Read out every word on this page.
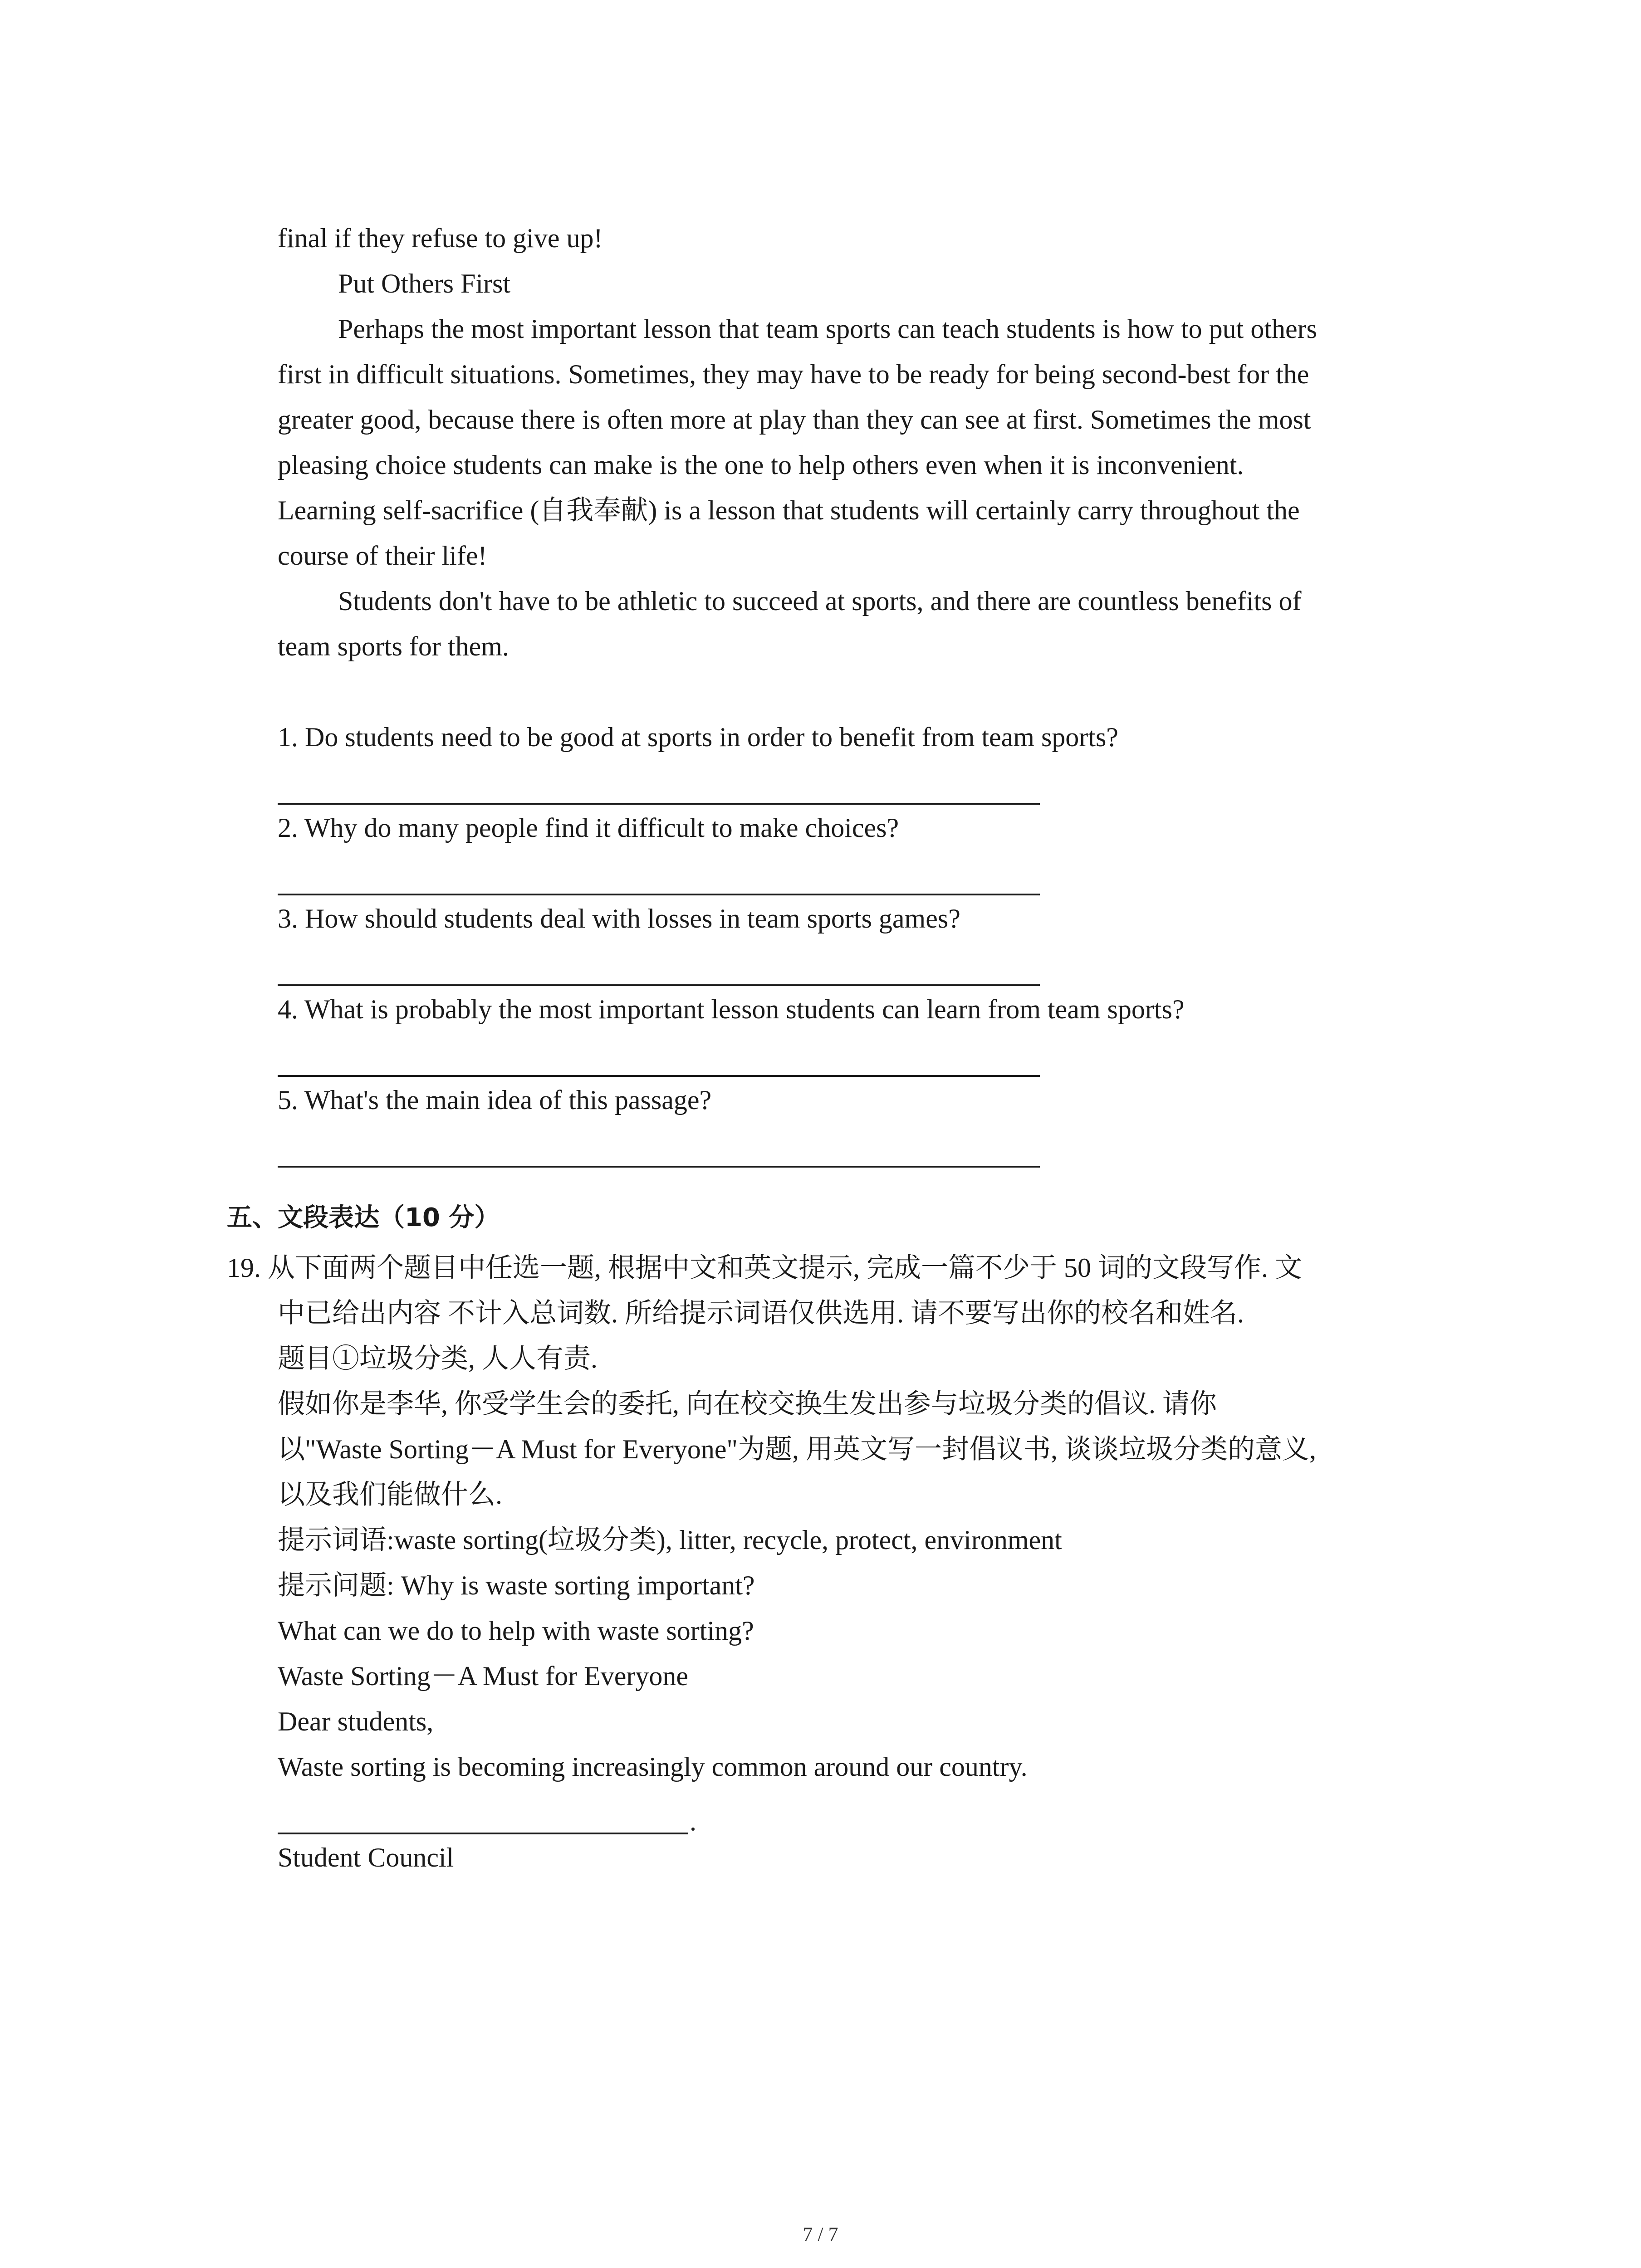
final if they refuse to give up!
Put Others First
Perhaps the most important lesson that team sports can teach students is how to put others
first in difficult situations. Sometimes, they may have to be ready for being second-best for the
greater good, because there is often more at play than they can see at first. Sometimes the most
pleasing choice students can make is the one to help others even when it is inconvenient.
Learning self-sacrifice (自我奉献) is a lesson that students will certainly carry throughout the
course of their life!
Students don't have to be athletic to succeed at sports, and there are countless benefits of
team sports for them.
1. Do students need to be good at sports in order to benefit from team sports?
2. Why do many people find it difficult to make choices?
3. How should students deal with losses in team sports games?
4. What is probably the most important lesson students can learn from team sports?
5. What's the main idea of this passage?
五、文段表达（10 分）
19. 从下面两个题目中任选一题, 根据中文和英文提示, 完成一篇不少于 50 词的文段写作. 文
中已给出内容 不计入总词数. 所给提示词语仅供选用. 请不要写出你的校名和姓名.
题目①垃圾分类, 人人有责.
假如你是李华, 你受学生会的委托, 向在校交换生发出参与垃圾分类的倡议. 请你
以"Waste Sorting－A Must for Everyone"为题, 用英文写一封倡议书, 谈谈垃圾分类的意义,
以及我们能做什么.
提示词语:waste sorting(垃圾分类), litter, recycle, protect, environment
提示问题: Why is waste sorting important?
What can we do to help with waste sorting?
Waste Sorting－A Must for Everyone
Dear students,
Waste sorting is becoming increasingly common around our country.
.
Student Council
7 / 7
